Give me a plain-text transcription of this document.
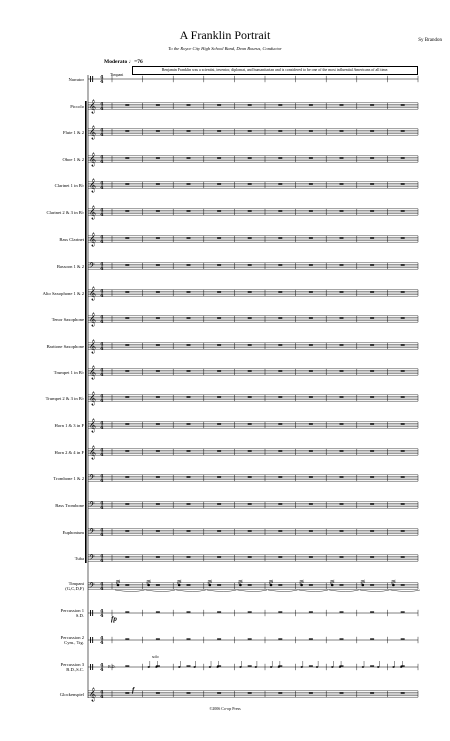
A Franklin Portrait	Sy Brandon
To the Royce City High School Band, Dean Bourus, Conductor
Moderato ♩=76
Benjamin Franklin was a scientist, inventor, diplomat, and humanitarian and is considered to be one of the most influential Americans of all time.
Timpani
Narrator
Piccolo
Flute 1 & 2
Oboe 1 & 2
Clarinet 1 in B♭
Clarinet 2 & 3 in B♭
Bass Clarinet
Bassoon 1 & 2
Alto Saxophone 1 & 2
Tenor Saxophone
Baritone Saxophone
Trumpet 1 in B♭
Trumpet 2 & 3 in B♭
Horn 1 & 3 in F
Horn 2 & 4 in F
Trombone 1 & 2
Bass Trombone
Euphonium
Tuba
Timpani
(G,C,D,F)
Percussion 1
S.D.
Percussion 2
Cym., Trg.
Percussion 3
B.D.,S.C.
Glockenspiel
4
4
𝄞 4
4
𝄞 4
4
𝄞 4
4
𝄞 4
4
𝄞 4
4
𝄞 4
4
𝄢 4
4
𝄞 4
4
𝄞 4
4
𝄞 4
4
𝄞 4
4
𝄞 4
4
𝄞 4
4
𝄞 4
4
𝄢 4
4
𝄢 4
4
𝄢 4
4
𝄢 4
4
𝄢 4
4
4
4
4
4
4
4
𝄞 4
4
fp
f
solo
B.D.
©2006 Co-op Press
